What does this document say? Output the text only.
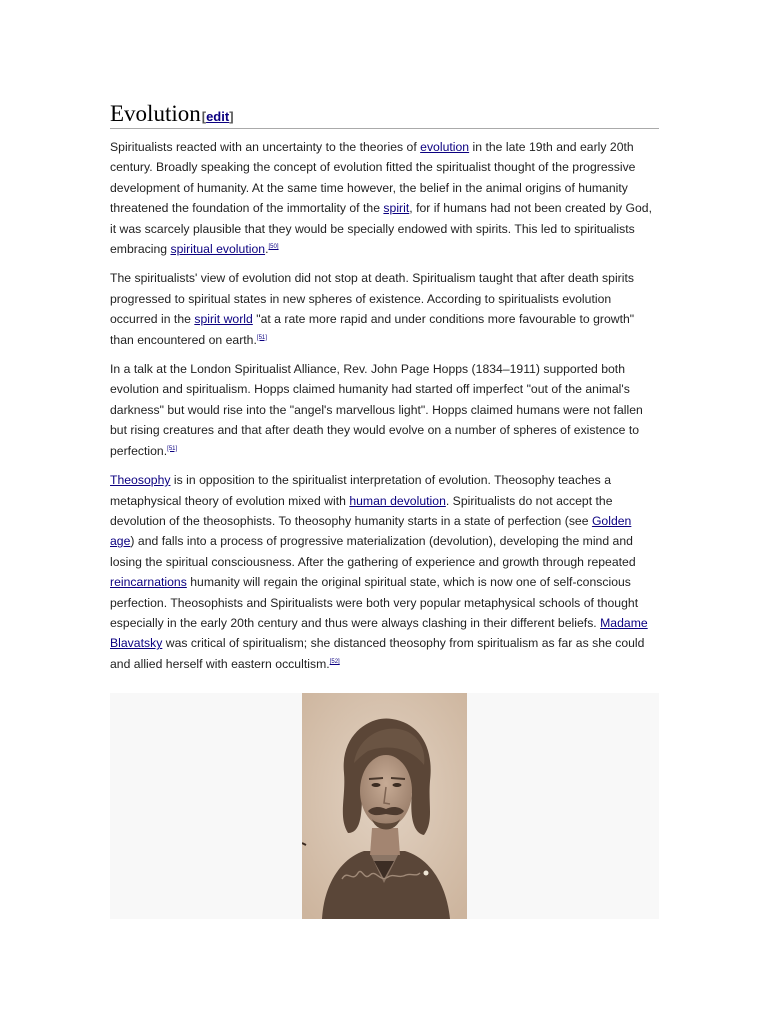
Evolution [edit]

Spiritualists reacted with an uncertainty to the theories of evolution in the late 19th and early 20th century. Broadly speaking the concept of evolution fitted the spiritualist thought of the progressive development of humanity. At the same time however, the belief in the animal origins of humanity threatened the foundation of the immortality of the spirit, for if humans had not been created by God, it was scarcely plausible that they would be specially endowed with spirits. This led to spiritualists embracing spiritual evolution.[50]

The spiritualists' view of evolution did not stop at death. Spiritualism taught that after death spirits progressed to spiritual states in new spheres of existence. According to spiritualists evolution occurred in the spirit world "at a rate more rapid and under conditions more favourable to growth" than encountered on earth.[51]

In a talk at the London Spiritualist Alliance, Rev. John Page Hopps (1834–1911) supported both evolution and spiritualism. Hopps claimed humanity had started off imperfect "out of the animal's darkness" but would rise into the "angel's marvellous light". Hopps claimed humans were not fallen but rising creatures and that after death they would evolve on a number of spheres of existence to perfection.[51]

Theosophy is in opposition to the spiritualist interpretation of evolution. Theosophy teaches a metaphysical theory of evolution mixed with human devolution. Spiritualists do not accept the devolution of the theosophists. To theosophy humanity starts in a state of perfection (see Golden age) and falls into a process of progressive materialization (devolution), developing the mind and losing the spiritual consciousness. After the gathering of experience and growth through repeated reincarnations humanity will regain the original spiritual state, which is now one of self-conscious perfection. Theosophists and Spiritualists were both very popular metaphysical schools of thought especially in the early 20th century and thus were always clashing in their different beliefs. Madame Blavatsky was critical of spiritualism; she distanced theosophy from spiritualism as far as she could and allied herself with eastern occultism.[52]
